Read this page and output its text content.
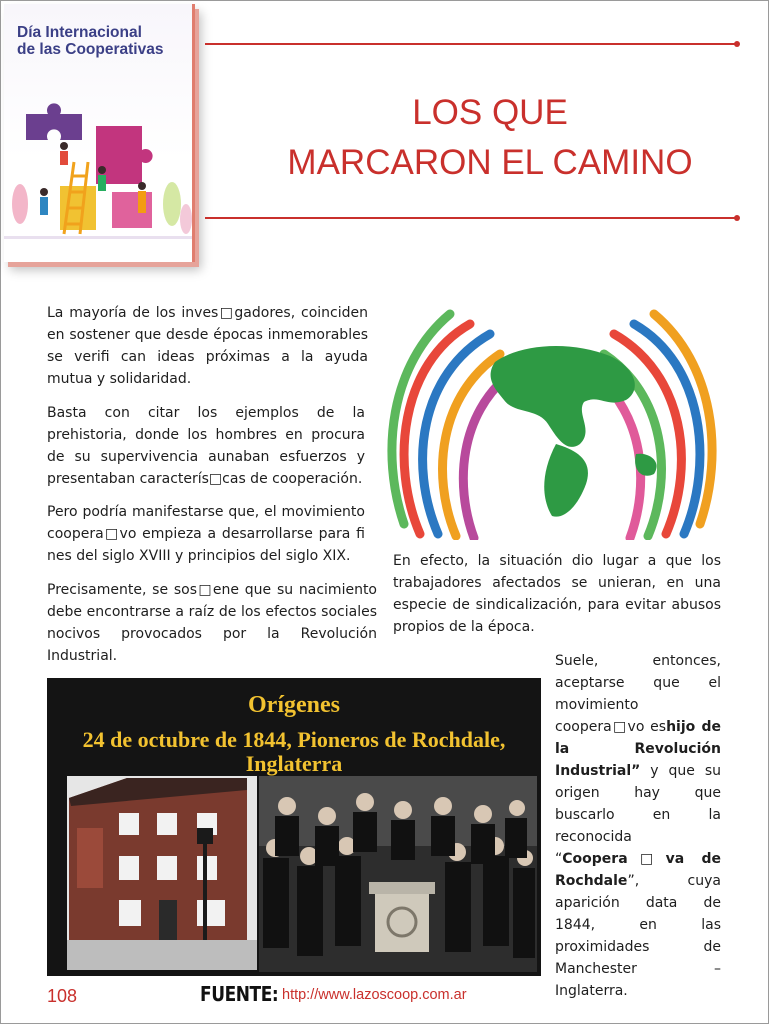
Día Internacional
de las Cooperativas
LOS QUE
MARCARON EL CAMINO

La mayoría de los inves□gadores, coinciden en sostener que desde épocas inmemorables se verifi can ideas próximas a la ayuda mutua y solidaridad.

Basta con citar los ejemplos de la prehistoria, donde los hombres en procura de su supervivencia aunaban esfuerzos y presentaban caracterís□cas de cooperación.

Pero podría manifestarse que, el movimiento coopera□vo empieza a desarrollarse para fi nes del siglo XVIII y principios del siglo XIX.

Precisamente, se sos□ene que su nacimiento debe encontrarse a raíz de los efectos sociales nocivos provocados por la Revolución Industrial.

En efecto, la situación dio lugar a que los trabajadores afectados se unieran, en una especie de sindicalización, para evitar abusos propios de la época.

Suele, entonces, aceptarse que el movimiento coopera□vo eshijo de la Revolución Industrial” y que su origen hay que buscarlo en la reconocida “Coopera□va de Rochdale”, cuya aparición data de 1844, en las proximidades de Manchester – Inglaterra.

Orígenes
24 de octubre de 1844, Pioneros de Rochdale,
Inglaterra
108	FUENTE: http://www.lazoscoop.com.ar
